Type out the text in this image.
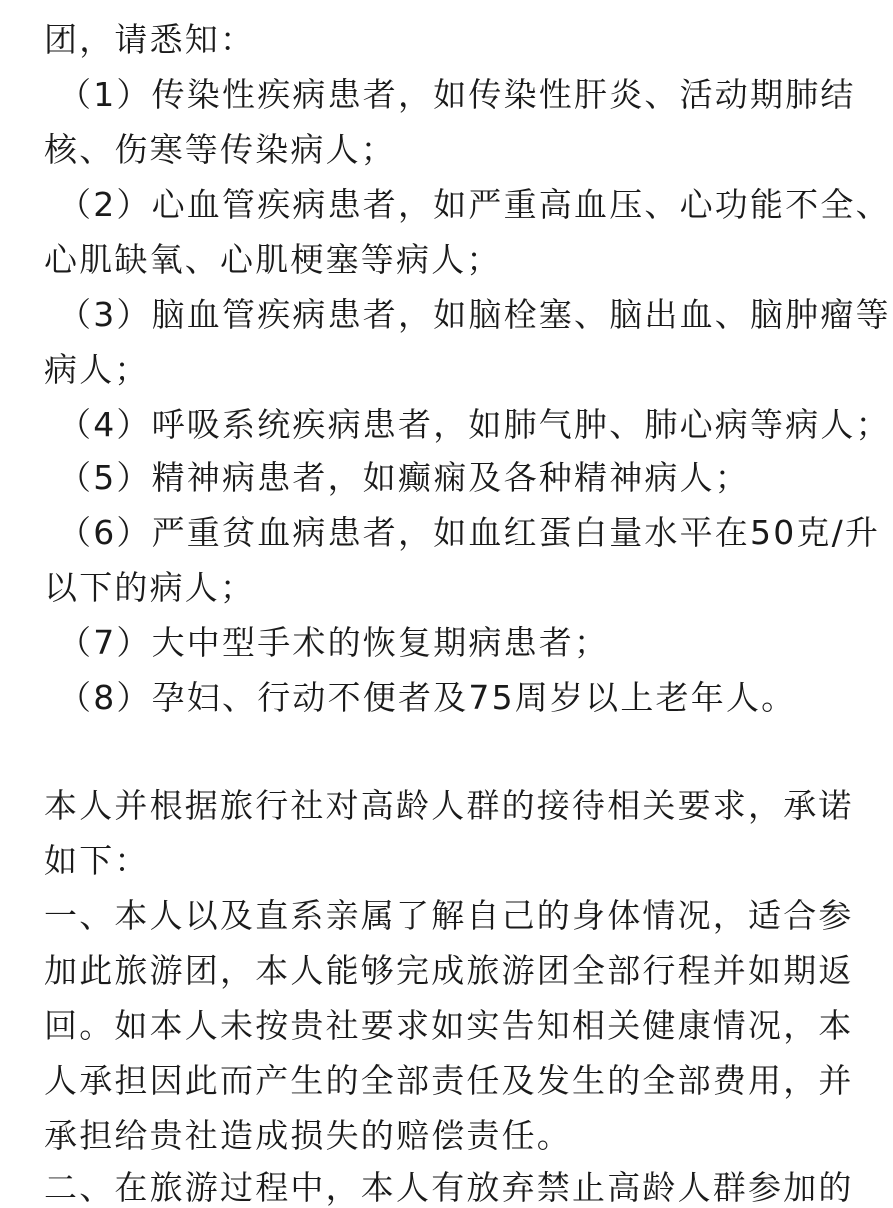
团，请悉知：
（1）传染性疾病患者，如传染性肝炎、活动期肺结
核、伤寒等传染病人；
（2）心血管疾病患者，如严重高血压、心功能不全、
心肌缺氧、心肌梗塞等病人；
（3）脑血管疾病患者，如脑栓塞、脑出血、脑肿瘤等
病人；
（4）呼吸系统疾病患者，如肺气肿、肺心病等病人；
（5）精神病患者，如癫痫及各种精神病人；
（6）严重贫血病患者，如血红蛋白量水平在50克/升
以下的病人；
（7）大中型手术的恢复期病患者；
（8）孕妇、行动不便者及75周岁以上老年人。
本人并根据旅行社对高龄人群的接待相关要求，承诺
如下：
一、本人以及直系亲属了解自己的身体情况，适合参
加此旅游团，本人能够完成旅游团全部行程并如期返
回。如本人未按贵社要求如实告知相关健康情况，本
人承担因此而产生的全部责任及发生的全部费用，并
承担给贵社造成损失的赔偿责任。
二、在旅游过程中，本人有放弃禁止高龄人群参加的
